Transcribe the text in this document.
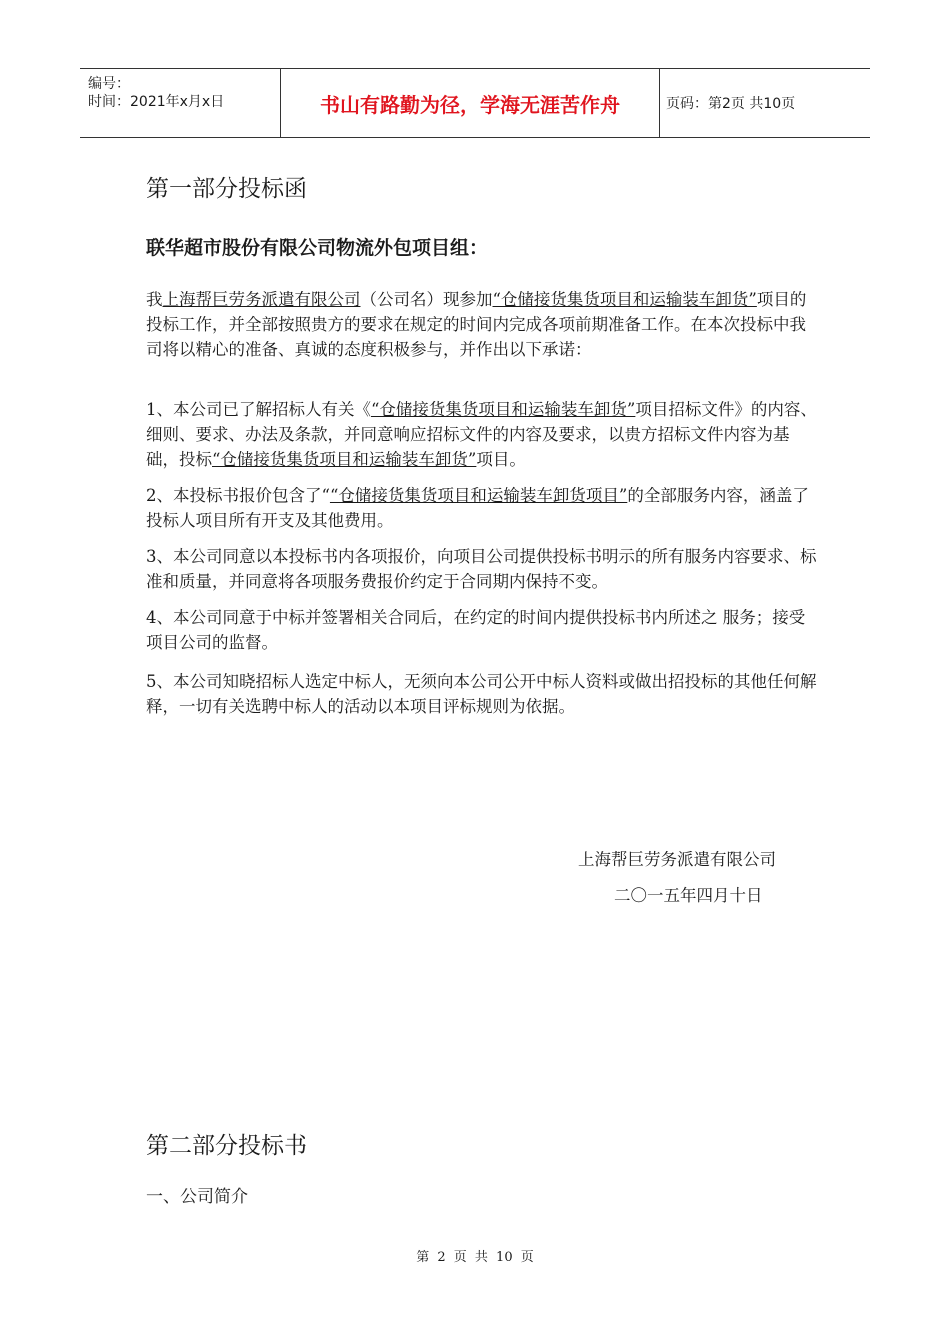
编号：
时间：2021年x月x日	书山有路勤为径，学海无涯苦作舟	页码：第2页 共10页
第一部分投标函
联华超市股份有限公司物流外包项目组：
我上海帮巨劳务派遣有限公司（公司名）现参加“仓储接货集货项目和运输装车卸货”项目的投标工作，并全部按照贵方的要求在规定的时间内完成各项前期准备工作。在本次投标中我司将以精心的准备、真诚的态度积极参与，并作出以下承诺：
1、本公司已了解招标人有关《“仓储接货集货项目和运输装车卸货”项目招标文件》的内容、细则、要求、办法及条款，并同意响应招标文件的内容及要求，以贵方招标文件内容为基础，投标“仓储接货集货项目和运输装车卸货”项目。
2、本投标书报价包含了““仓储接货集货项目和运输装车卸货项目”的全部服务内容，涵盖了投标人项目所有开支及其他费用。
3、本公司同意以本投标书内各项报价，向项目公司提供投标书明示的所有服务内容要求、标准和质量，并同意将各项服务费报价约定于合同期内保持不变。
4、本公司同意于中标并签署相关合同后，在约定的时间内提供投标书内所述之 服务；接受项目公司的监督。
5、本公司知晓招标人选定中标人，无须向本公司公开中标人资料或做出招投标的其他任何解释，一切有关选聘中标人的活动以本项目评标规则为依据。
上海帮巨劳务派遣有限公司
二〇一五年四月十日
第二部分投标书
一、公司简介
第 2 页 共 10 页
